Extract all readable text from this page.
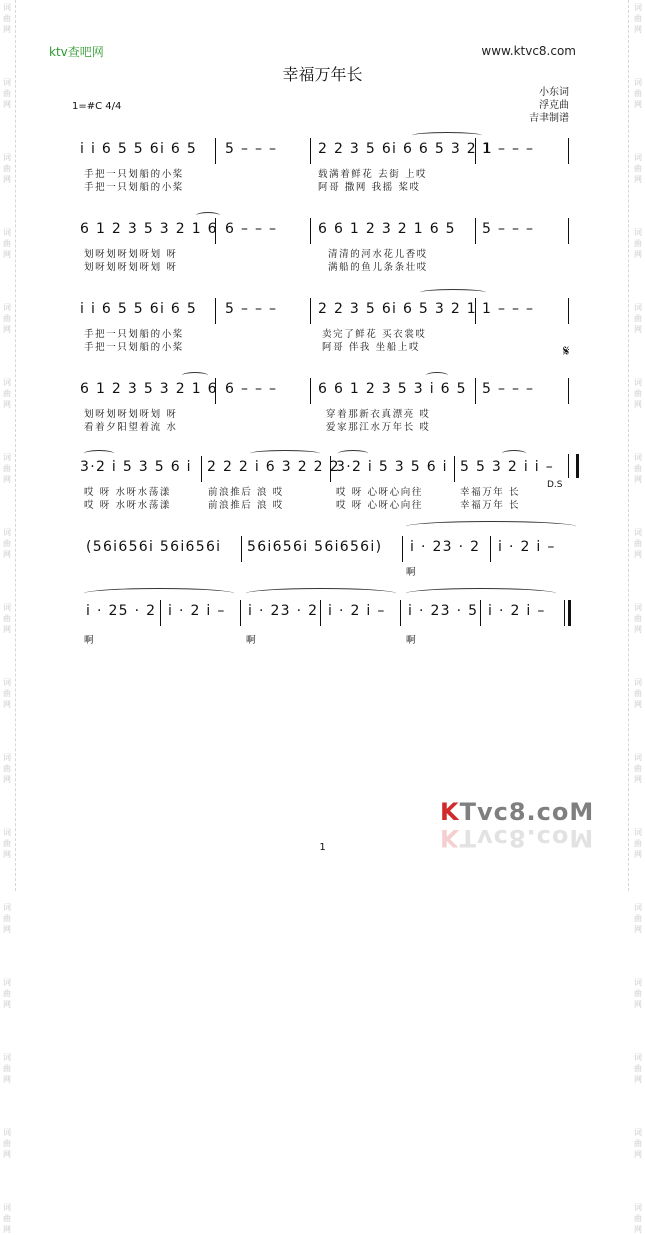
词
曲
网
词
曲
网
词
曲
网
词
曲
网
词
曲
网
词
曲
网
词
曲
网
词
曲
网
词
曲
网
词
曲
网
词
曲
网
词
曲
网
词
曲
网
词
曲
网
词
曲
网
词
曲
网
词
曲
网
词
曲
网
词
曲
网
词
曲
网
词
曲
网
词
曲
网
词
曲
网
词
曲
网
词
曲
网
词
曲
网
词
曲
网
词
曲
网
词
曲
网
词
曲
网
词
曲
网
词
曲
网
词
曲
网
词
曲
网
ktv查吧网	www.ktvc8.com
幸福万年长
小东词
浮克曲
吉聿制谱
1=#C 4/4
i i 6 5 5 6i 6 5 5 – – –	2 2 3 5 6i 6 6 5 3 2 1
1 – – –
手把一只划船的小桨
手把一只划船的小桨
载满着鲜花 去街 上哎
阿哥 撒网 我摇 桨哎
6 1 2 3 5 3 2 1 6 6 – – –	6 6 1 2 3 2 1 6 5 5 – – –
划呀划呀划呀划 呀
划呀划呀划呀划 呀
清清的河水花儿香哎
满船的鱼儿条条壮哎
i i 6 5 5 6i 6 5 5 – – –	2 2 3 5 6i 6 5 3 2 1 1 – – –
手把一只划船的小桨
手把一只划船的小桨
卖完了鲜花 买衣裳哎
阿哥 伴我 坐船上哎	𝄋
6 1 2 3 5 3 2 1 6 6 – – –	6 6 1 2 3 5 3 i 6 5 5 – – –
划呀划呀划呀划 呀
看着夕阳望着流 水
穿着那新衣真漂亮 哎
爱家那江水万年长 哎
3·2 i 5 3 5 6 i 2 2 2 i 6 3 2 2 2
3·2 i 5 3 5 6 i 5 5 3 2 i i –
哎 呀 水呀水荡漾
哎 呀 水呀水荡漾
前浪推后 浪 哎
前浪推后 浪 哎
哎 呀 心呀心向往
哎 呀 心呀心向往
幸福万年 长
幸福万年 长
D.S
(56i656i 56i656i 56i656i 56i656i) i · 23 · 2 i · 2 i –
啊
i · 25 · 2 i · 2 i – i · 23 · 2 i · 2 i – i · 23 · 5 i · 2 i –
啊	啊	啊
KTvc8.coM
KTvc8.coM
1
